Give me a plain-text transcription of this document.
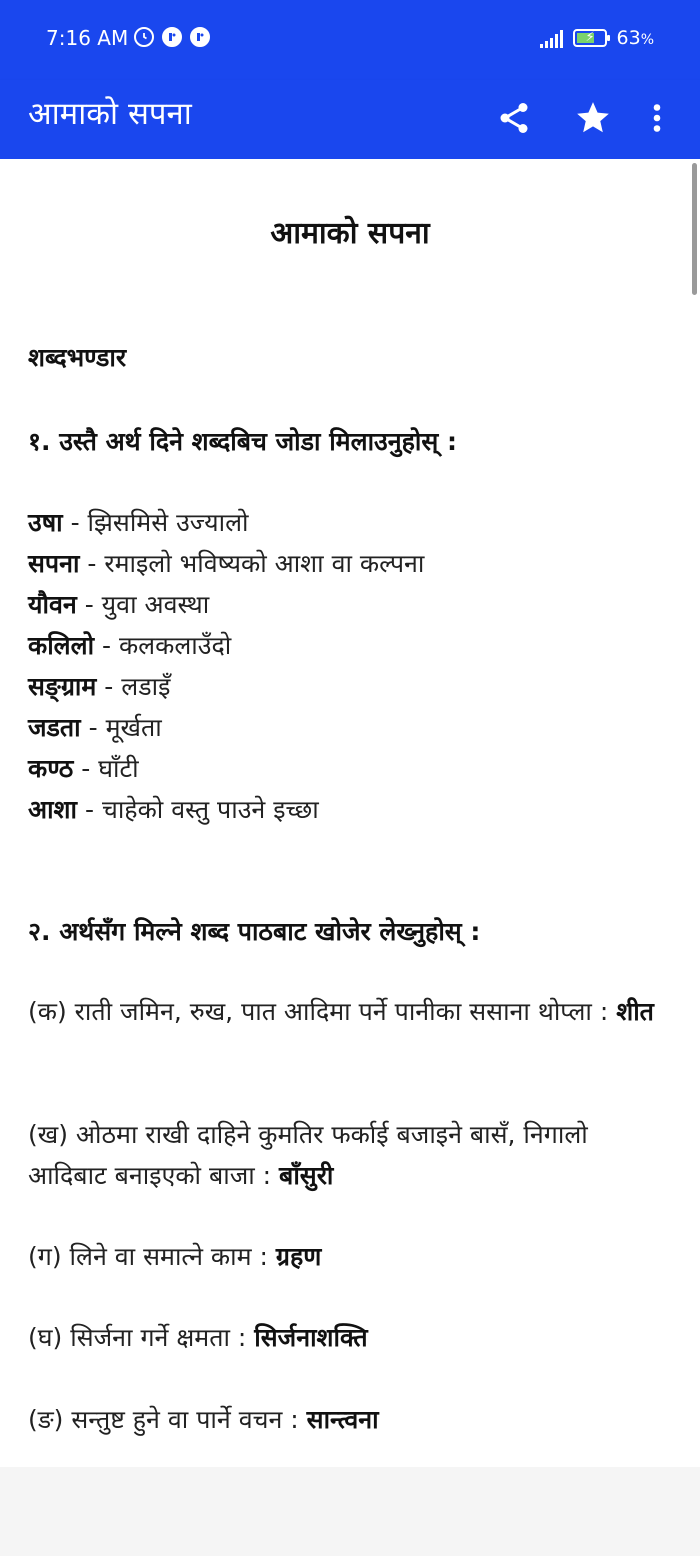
7:16 AM	⚡ 63%
आमाको सपना
आमाको सपना
शब्दभण्डार
१. उस्तै अर्थ दिने शब्दबिच जोडा मिलाउनुहोस् :
उषा - झिसमिसे उज्यालो
सपना - रमाइलो भविष्यको आशा वा कल्पना
यौवन - युवा अवस्था
कलिलो - कलकलाउँदो
सङ्ग्राम - लडाइँ
जडता - मूर्खता
कण्ठ - घाँटी
आशा - चाहेको वस्तु पाउने इच्छा
२. अर्थसँग मिल्ने शब्द पाठबाट खोजेर लेख्नुहोस् :
(क) राती जमिन, रुख, पात आदिमा पर्ने पानीका ससाना थोप्ला : शीत
(ख) ओठमा राखी दाहिने कुमतिर फर्काई बजाइने बासँ, निगालो आदिबाट बनाइएको बाजा : बाँसुरी
(ग) लिने वा समात्ने काम : ग्रहण
(घ) सिर्जना गर्ने क्षमता : सिर्जनाशक्ति
(ङ) सन्तुष्ट हुने वा पार्ने वचन : सान्त्वना
